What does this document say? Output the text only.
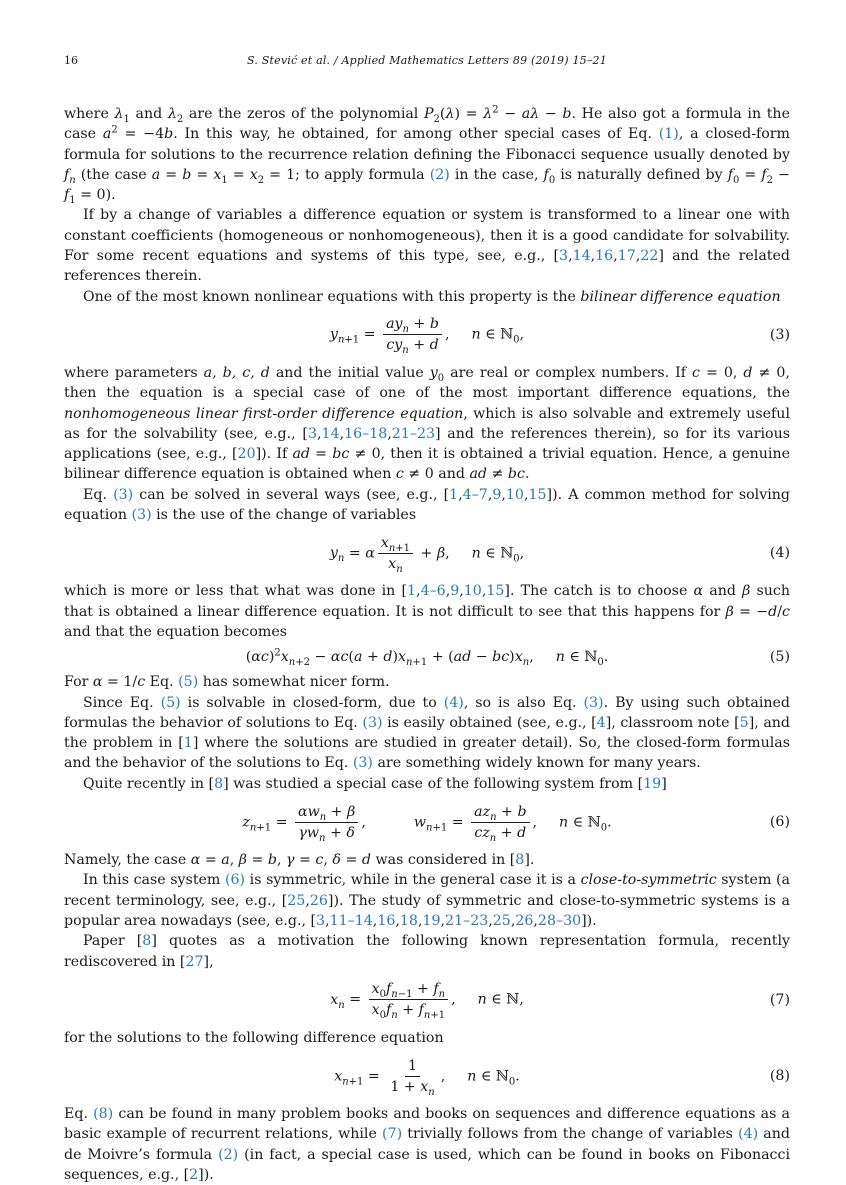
16	S. Stević et al. / Applied Mathematics Letters 89 (2019) 15–21

where $\lambda_1$ and $\lambda_2$ are the zeros of the polynomial $P_2(\lambda) = \lambda^2 - a\lambda - b$. He also got a formula in the case $a^2 = -4b$. In this way, he obtained, for among other special cases of Eq. (1), a closed-form formula for solutions to the recurrence relation defining the Fibonacci sequence usually denoted by $f_n$ (the case $a = b = x_1 = x_2 = 1$; to apply formula (2) in the case, $f_0$ is naturally defined by $f_0 = f_2 - f_1 = 0$).

If by a change of variables a difference equation or system is transformed to a linear one with constant coefficients (homogeneous or nonhomogeneous), then it is a good candidate for solvability. For some recent equations and systems of this type, see, e.g., [3,14,16,17,22] and the related references therein.

One of the most known nonlinear equations with this property is the bilinear difference equation

$y_{n+1} = \frac{ay_n + b}{cy_n + d}$ , n ∈ ℕ$_0$,	(3)

where parameters a, b, c, d and the initial value $y_0$ are real or complex numbers. If c = 0, d ≠ 0, then the equation is a special case of one of the most important difference equations, the nonhomogeneous linear first-order difference equation, which is also solvable and extremely useful as for the solvability (see, e.g., [3,14,16–18,21–23] and the references therein), so for its various applications (see, e.g., [20]). If ad = bc ≠ 0, then it is obtained a trivial equation. Hence, a genuine bilinear difference equation is obtained when c ≠ 0 and ad ≠ bc.

Eq. (3) can be solved in several ways (see, e.g., [1,4–7,9,10,15]). A common method for solving equation (3) is the use of the change of variables

$y_n = \alpha \frac{x_{n+1}}{x_n} + \beta$, n ∈ ℕ$_0$,	(4)

which is more or less that what was done in [1,4–6,9,10,15]. The catch is to choose α and β such that is obtained a linear difference equation. It is not difficult to see that this happens for β = −d/c and that the equation becomes

$(\alpha c)^2x_{n+2} - \alpha c(a + d)x_{n+1} + (ad - bc)x_n$, n ∈ ℕ$_0$.	(5)

For α = 1/c Eq. (5) has somewhat nicer form.

Since Eq. (5) is solvable in closed-form, due to (4), so is also Eq. (3). By using such obtained formulas the behavior of solutions to Eq. (3) is easily obtained (see, e.g., [4], classroom note [5], and the problem in [1] where the solutions are studied in greater detail). So, the closed-form formulas and the behavior of the solutions to Eq. (3) are something widely known for many years.

Quite recently in [8] was studied a special case of the following system from [19]

$z_{n+1} = \frac{\alpha w_n + \beta}{\gamma w_n + \delta}$ ,	$w_{n+1} = \frac{az_n + b}{cz_n + d}$ , n ∈ ℕ$_0$.	(6)

Namely, the case α = a, β = b, γ = c, δ = d was considered in [8].

In this case system (6) is symmetric, while in the general case it is a close-to-symmetric system (a recent terminology, see, e.g., [25,26]). The study of symmetric and close-to-symmetric systems is a popular area nowadays (see, e.g., [3,11–14,16,18,19,21–23,25,26,28–30]).

Paper [8] quotes as a motivation the following known representation formula, recently rediscovered in [27],

$x_n = \frac{x_0f_{n-1} + f_n}{x_0f_n + f_{n+1}}$ , n ∈ ℕ,	(7)

for the solutions to the following difference equation

$x_{n+1} = \frac{1}{1 + x_n}$ , n ∈ ℕ$_0$.	(8)

Eq. (8) can be found in many problem books and books on sequences and difference equations as a basic example of recurrent relations, while (7) trivially follows from the change of variables (4) and de Moivre’s formula (2) (in fact, a special case is used, which can be found in books on Fibonacci sequences, e.g., [2]).
